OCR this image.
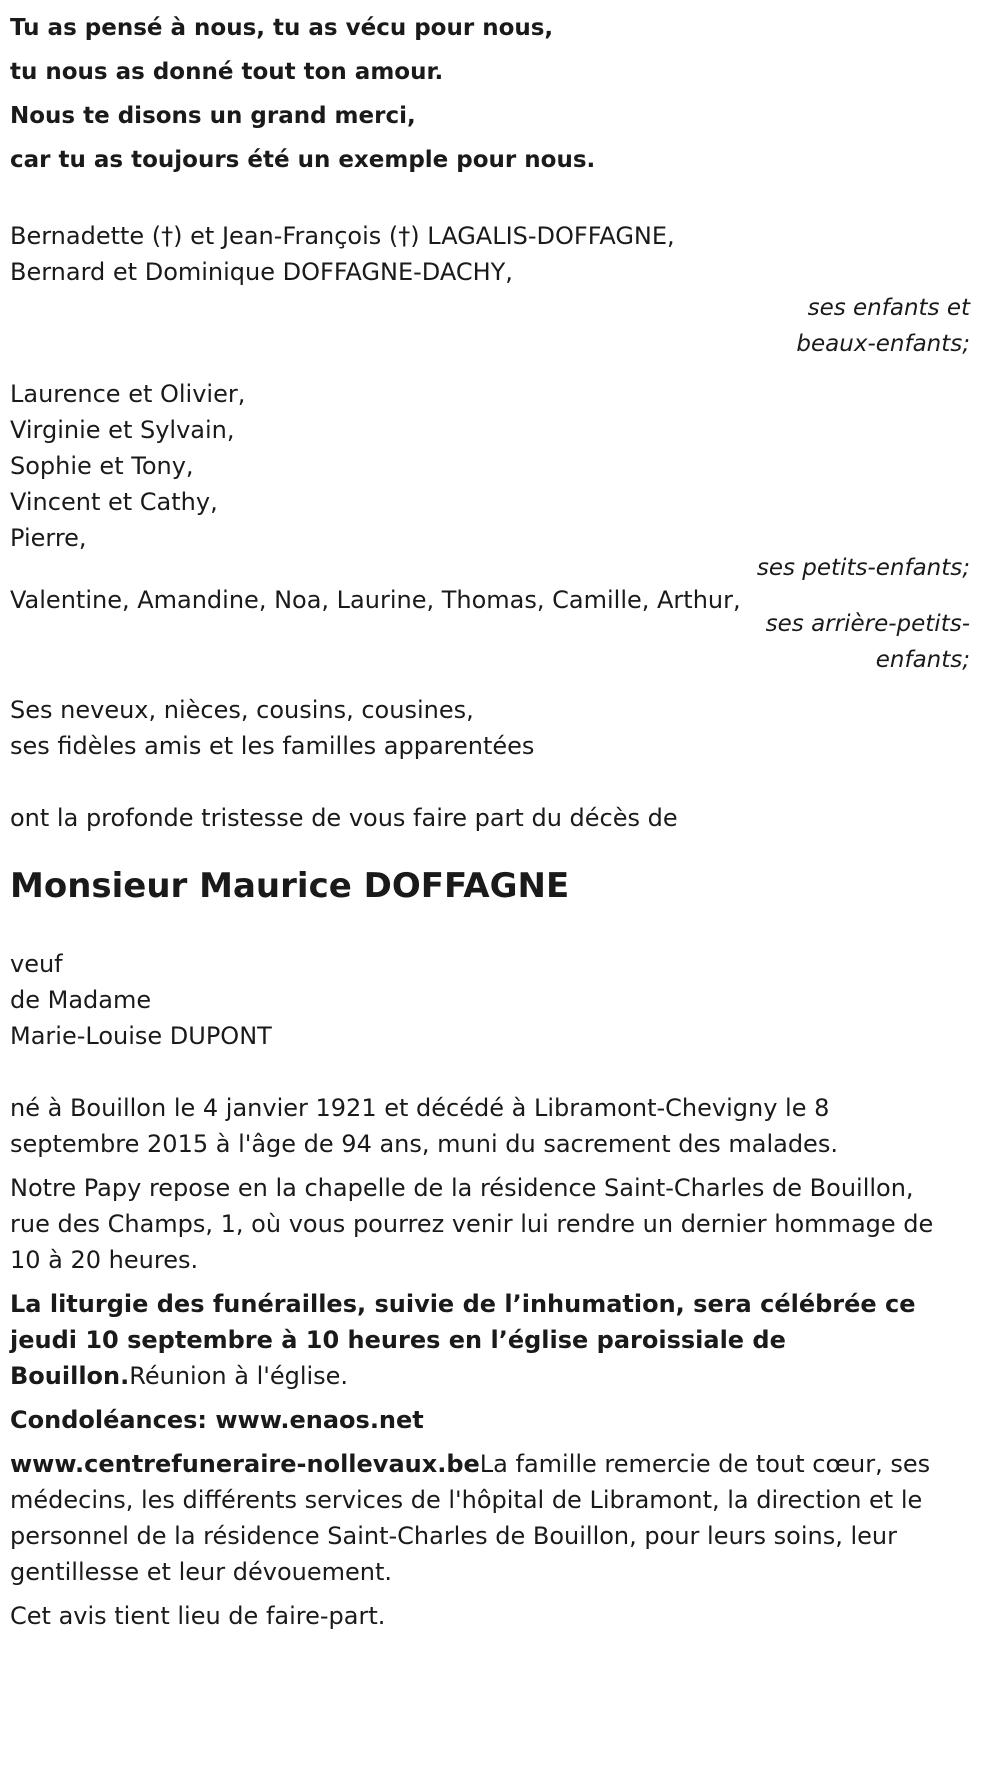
Tu as pensé à nous, tu as vécu pour nous,

tu nous as donné tout ton amour.

Nous te disons un grand merci,

car tu as toujours été un exemple pour nous.

Bernadette (†) et Jean-François (†) LAGALIS-DOFFAGNE,

Bernard et Dominique DOFFAGNE-DACHY,

ses enfants et
beaux-enfants;

Laurence et Olivier,

Virginie et Sylvain,

Sophie et Tony,

Vincent et Cathy,

Pierre,

ses petits-enfants;

Valentine, Amandine, Noa, Laurine, Thomas, Camille, Arthur,

ses arrière-petits-
enfants;

Ses neveux, nièces, cousins, cousines,

ses fidèles amis et les familles apparentées

ont la profonde tristesse de vous faire part du décès de

Monsieur Maurice DOFFAGNE

veuf

de Madame

Marie-Louise DUPONT

né à Bouillon le 4 janvier 1921 et décédé à Libramont-Chevigny le 8 septembre 2015 à l'âge de 94 ans, muni du sacrement des malades.

Notre Papy repose en la chapelle de la résidence Saint-Charles de Bouillon, rue des Champs, 1, où vous pourrez venir lui rendre un dernier hommage de 10 à 20 heures.

La liturgie des funérailles, suivie de l’inhumation, sera célébrée ce jeudi 10 septembre à 10 heures en l’église paroissiale de Bouillon.Réunion à l'église.

Condoléances: www.enaos.net

www.centrefuneraire-nollevaux.beLa famille remercie de tout cœur, ses médecins, les différents services de l'hôpital de Libramont, la direction et le personnel de la résidence Saint-Charles de Bouillon, pour leurs soins, leur gentillesse et leur dévouement.

Cet avis tient lieu de faire-part.
